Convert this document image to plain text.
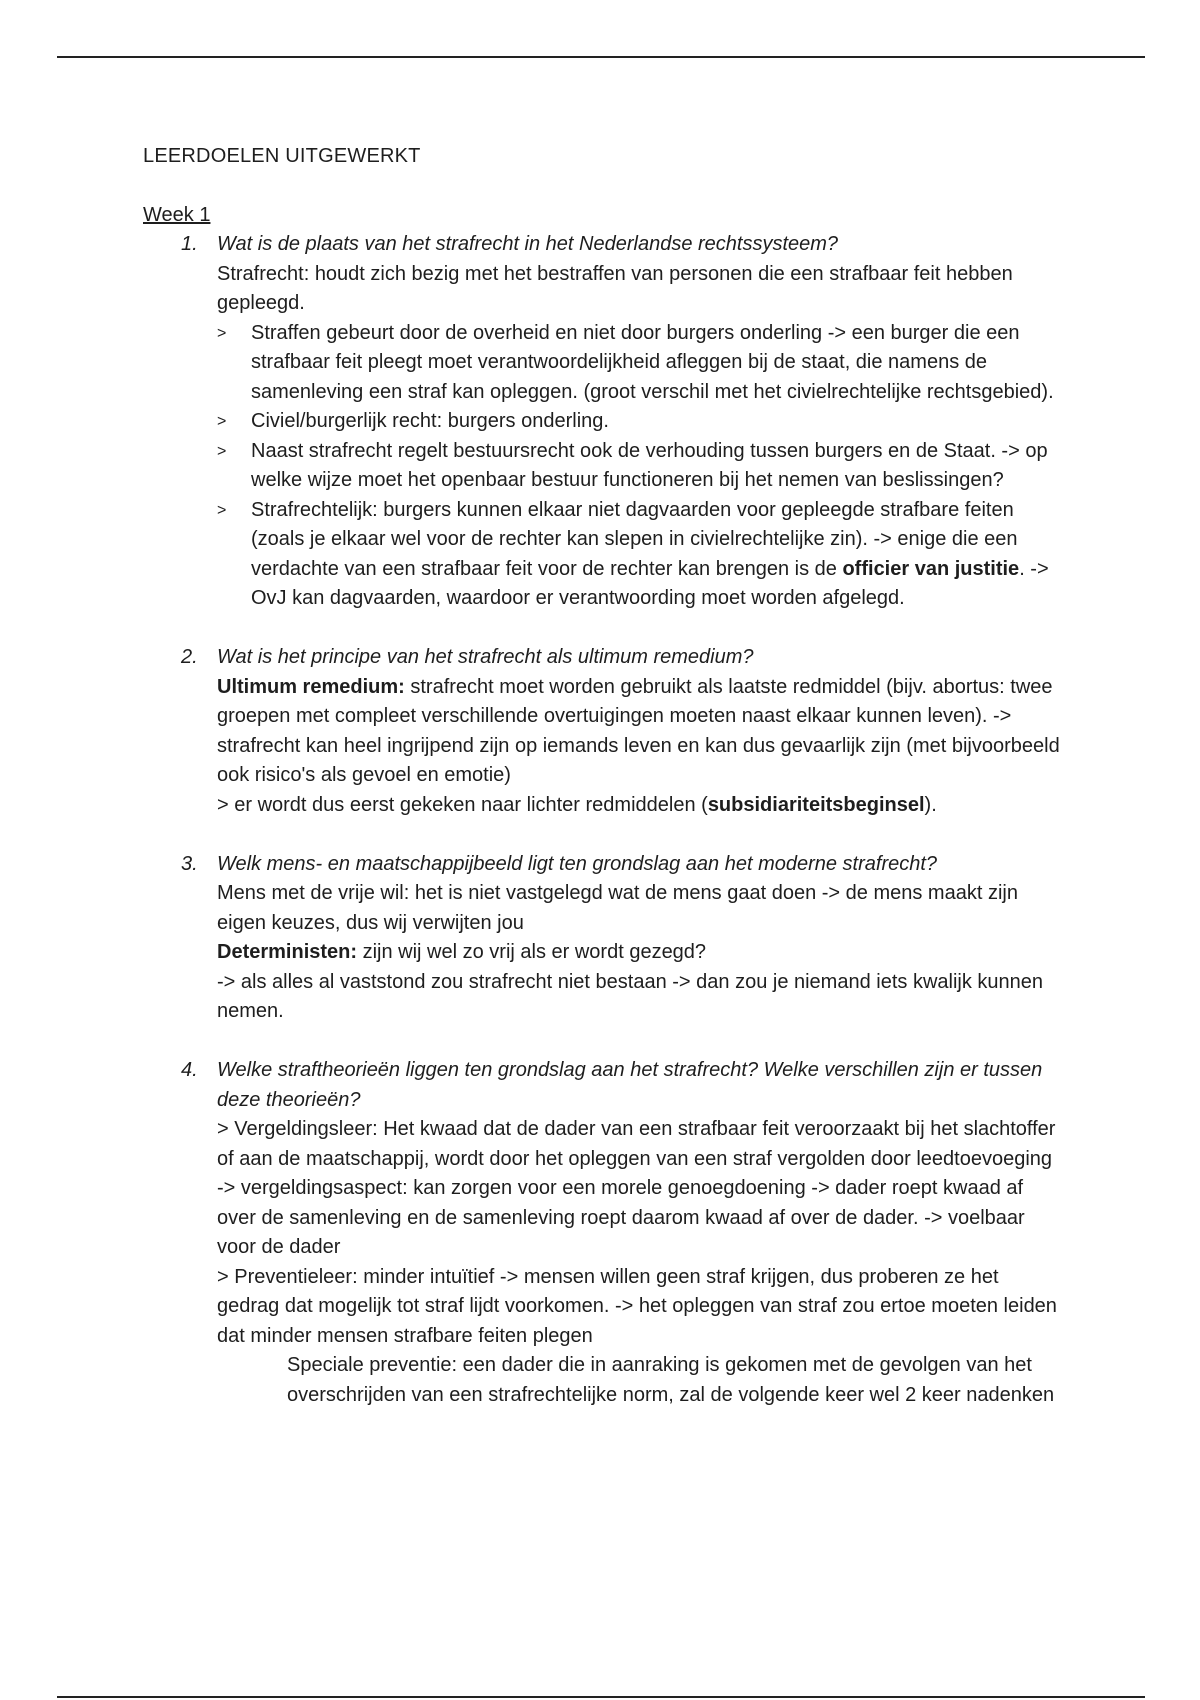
LEERDOELEN UITGEWERKT
Week 1
1. Wat is de plaats van het strafrecht in het Nederlandse rechtssysteem?
Strafrecht: houdt zich bezig met het bestraffen van personen die een strafbaar feit hebben gepleegd.
> Straffen gebeurt door de overheid en niet door burgers onderling -> een burger die een strafbaar feit pleegt moet verantwoordelijkheid afleggen bij de staat, die namens de samenleving een straf kan opleggen. (groot verschil met het civielrechtelijke rechtsgebied).
> Civiel/burgerlijk recht: burgers onderling.
> Naast strafrecht regelt bestuursrecht ook de verhouding tussen burgers en de Staat. -> op welke wijze moet het openbaar bestuur functioneren bij het nemen van beslissingen?
> Strafrechtelijk: burgers kunnen elkaar niet dagvaarden voor gepleegde strafbare feiten (zoals je elkaar wel voor de rechter kan slepen in civielrechtelijke zin). -> enige die een verdachte van een strafbaar feit voor de rechter kan brengen is de officier van justitie. -> OvJ kan dagvaarden, waardoor er verantwoording moet worden afgelegd.
2. Wat is het principe van het strafrecht als ultimum remedium?
Ultimum remedium: strafrecht moet worden gebruikt als laatste redmiddel (bijv. abortus: twee groepen met compleet verschillende overtuigingen moeten naast elkaar kunnen leven). -> strafrecht kan heel ingrijpend zijn op iemands leven en kan dus gevaarlijk zijn (met bijvoorbeeld ook risico's als gevoel en emotie)
> er wordt dus eerst gekeken naar lichter redmiddelen (subsidiariteitsbeginsel).
3. Welk mens- en maatschappijbeeld ligt ten grondslag aan het moderne strafrecht?
Mens met de vrije wil: het is niet vastgelegd wat de mens gaat doen -> de mens maakt zijn eigen keuzes, dus wij verwijten jou
Deterministen: zijn wij wel zo vrij als er wordt gezegd?
-> als alles al vaststond zou strafrecht niet bestaan -> dan zou je niemand iets kwalijk kunnen nemen.
4. Welke straftheorieën liggen ten grondslag aan het strafrecht? Welke verschillen zijn er tussen deze theorieën?
> Vergeldingsleer: Het kwaad dat de dader van een strafbaar feit veroorzaakt bij het slachtoffer of aan de maatschappij, wordt door het opleggen van een straf vergolden door leedtoevoeging -> vergeldingsaspect: kan zorgen voor een morele genoegdoening -> dader roept kwaad af over de samenleving en de samenleving roept daarom kwaad af over de dader. -> voelbaar voor de dader
> Preventieleer: minder intuïtief -> mensen willen geen straf krijgen, dus proberen ze het gedrag dat mogelijk tot straf lijdt voorkomen. -> het opleggen van straf zou ertoe moeten leiden dat minder mensen strafbare feiten plegen
Speciale preventie: een dader die in aanraking is gekomen met de gevolgen van het overschrijden van een strafrechtelijke norm, zal de volgende keer wel 2 keer nadenken
